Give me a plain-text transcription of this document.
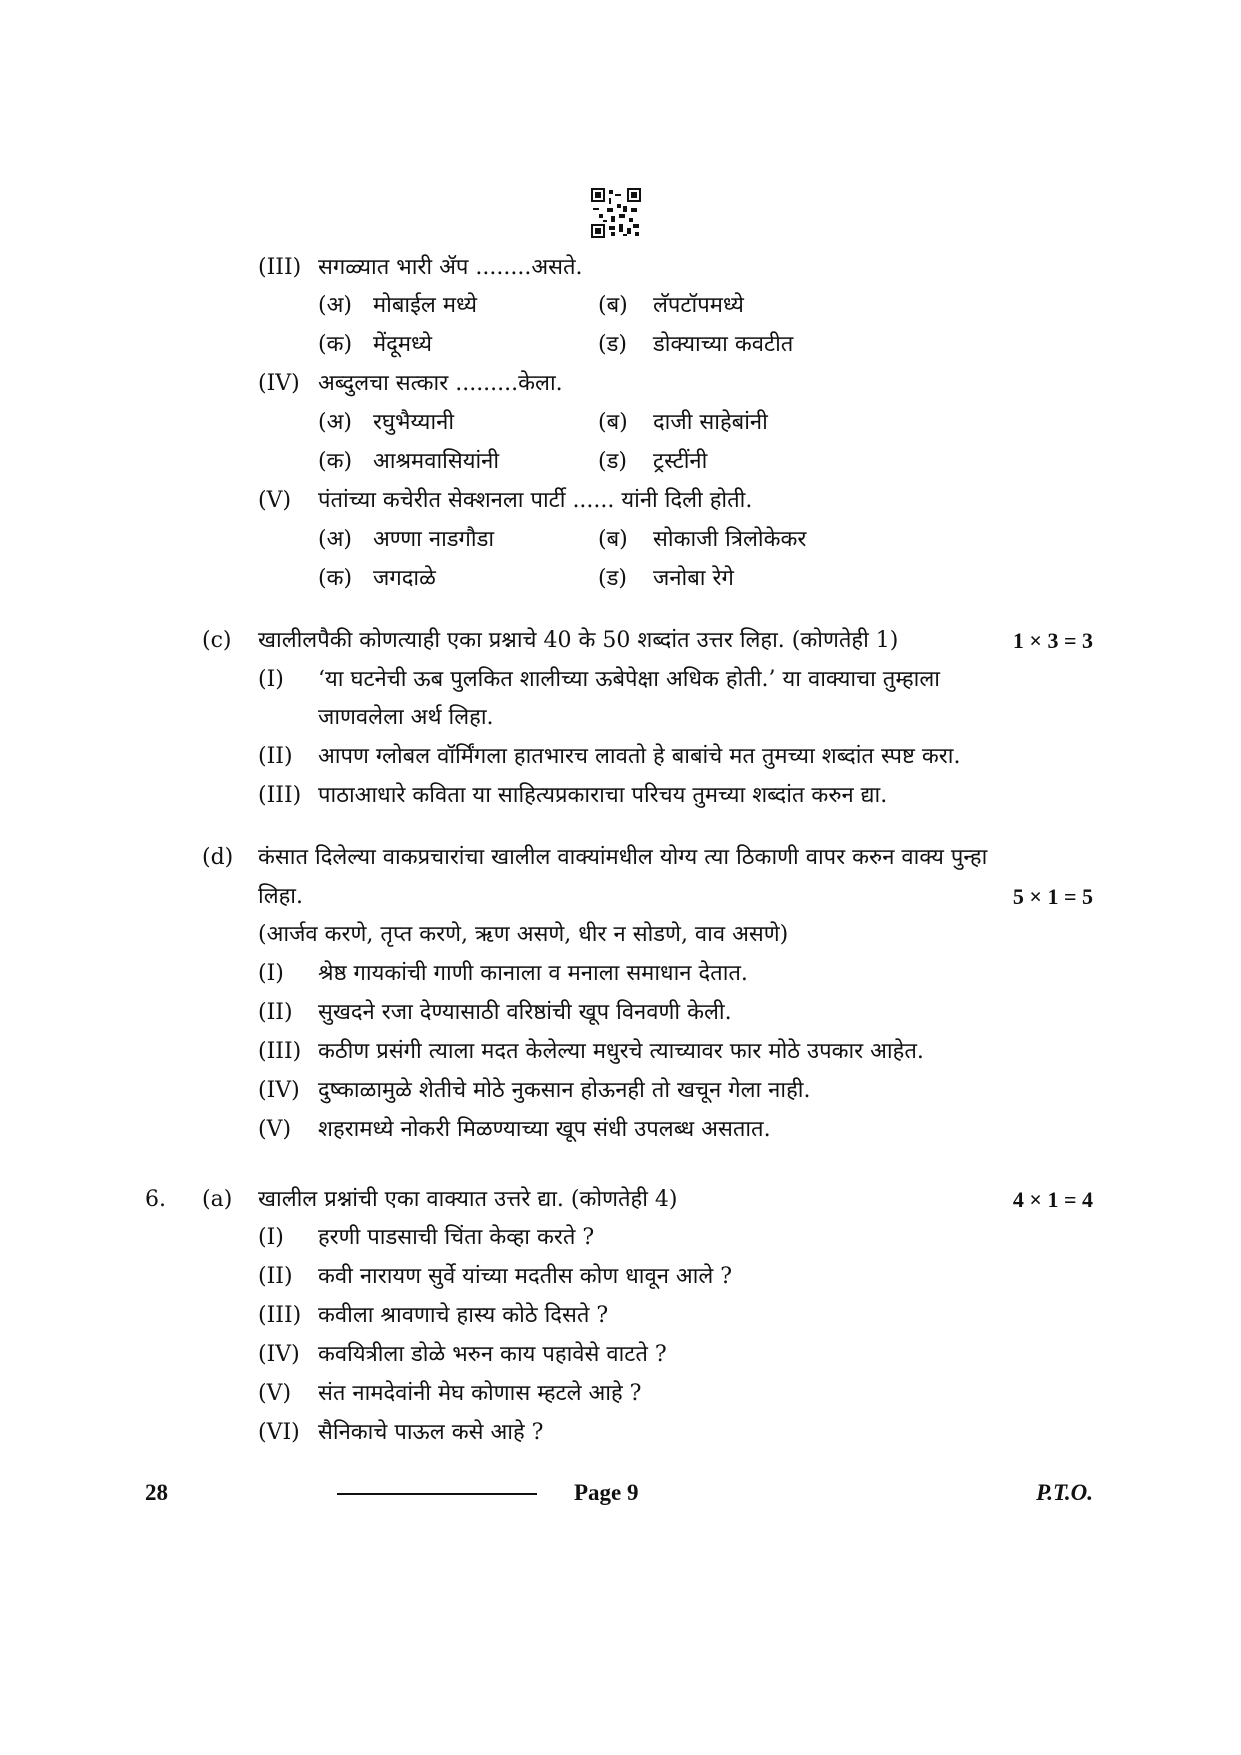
(III) सगळ्यात भारी ॲप ........असते.
(अ) मोबाईल मध्ये	(ब) लॅपटॉपमध्ये
(क) मेंदूमध्ये	(ड) डोक्याच्या कवटीत
(IV) अब्दुलचा सत्कार .........केला.
(अ) रघुभैय्यानी	(ब) दाजी साहेबांनी
(क) आश्रमवासियांनी	(ड) ट्रस्टींनी
(V) पंतांच्या कचेरीत सेक्शनला पार्टी ...... यांनी दिली होती.
(अ) अण्णा नाडगौडा	(ब) सोकाजी त्रिलोकेकर
(क) जगदाळे	(ड) जनोबा रेगे
(c) खालीलपैकी कोणत्याही एका प्रश्नाचे 40 के 50 शब्दांत उत्तर लिहा. (कोणतेही 1)	1 × 3 = 3
(I) ‘या घटनेची ऊब पुलकित शालीच्या ऊबेपेक्षा अधिक होती.’ या वाक्याचा तुम्हाला
जाणवलेला अर्थ लिहा.
(II) आपण ग्लोबल वॉर्मिंगला हातभारच लावतो हे बाबांचे मत तुमच्या शब्दांत स्पष्ट करा.
(III) पाठाआधारे कविता या साहित्यप्रकाराचा परिचय तुमच्या शब्दांत करुन द्या.
(d) कंसात दिलेल्या वाकप्रचारांचा खालील वाक्यांमधील योग्य त्या ठिकाणी वापर करुन वाक्य पुन्हा
लिहा.	5 × 1 = 5
(आर्जव करणे, तृप्त करणे, ऋण असणे, धीर न सोडणे, वाव असणे)
(I) श्रेष्ठ गायकांची गाणी कानाला व मनाला समाधान देतात.
(II) सुखदने रजा देण्यासाठी वरिष्ठांची खूप विनवणी केली.
(III) कठीण प्रसंगी त्याला मदत केलेल्या मधुरचे त्याच्यावर फार मोठे उपकार आहेत.
(IV) दुष्काळामुळे शेतीचे मोठे नुकसान होऊनही तो खचून गेला नाही.
(V) शहरामध्ये नोकरी मिळण्याच्या खूप संधी उपलब्ध असतात.
6. (a) खालील प्रश्नांची एका वाक्यात उत्तरे द्या. (कोणतेही 4)	4 × 1 = 4
(I) हरणी पाडसाची चिंता केव्हा करते ?
(II) कवी नारायण सुर्वे यांच्या मदतीस कोण धावून आले ?
(III) कवीला श्रावणाचे हास्य कोठे दिसते ?
(IV) कवयित्रीला डोळे भरुन काय पहावेसे वाटते ?
(V) संत नामदेवांनी मेघ कोणास म्हटले आहे ?
(VI) सैनिकाचे पाऊल कसे आहे ?
28	Page 9	P.T.O.
